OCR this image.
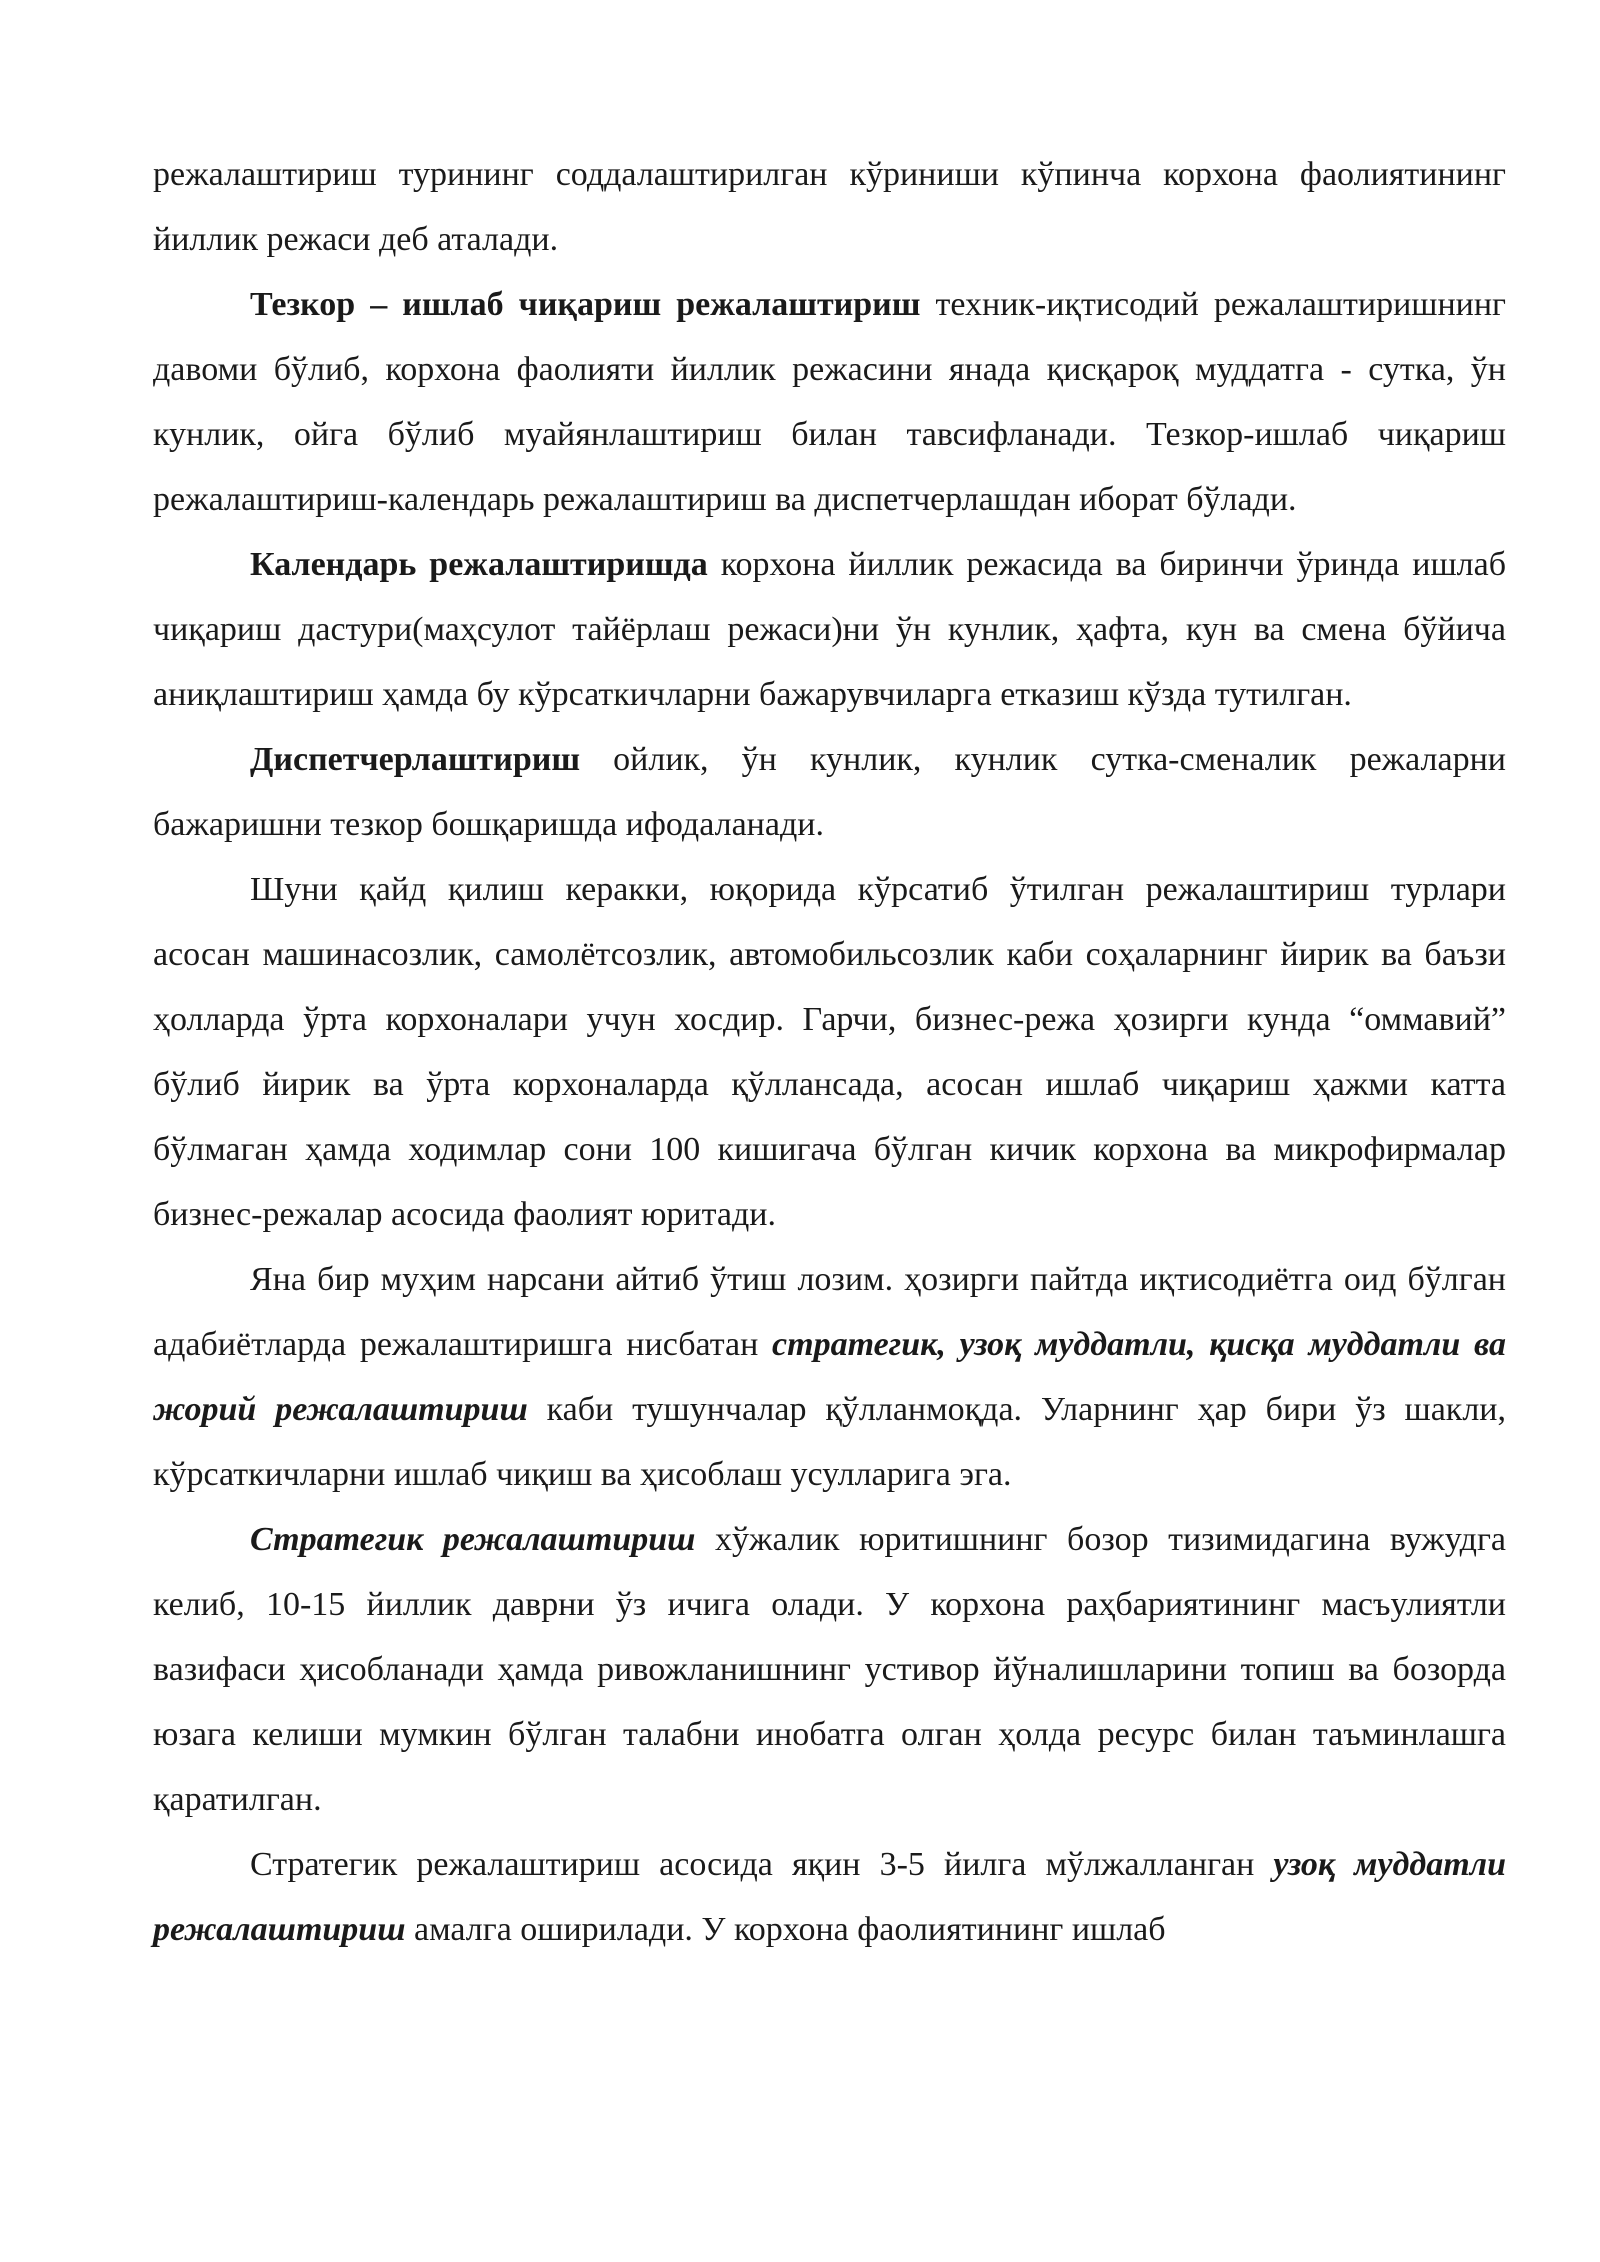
режалаштириш турининг соддалаштирилган кўриниши кўпинча корхона фаолиятининг йиллик режаси деб аталади.

Тезкор – ишлаб чиқариш режалаштириш техник-иқтисодий режалаштиришнинг давоми бўлиб, корхона фаолияти йиллик режасини янада қисқароқ муддатга - сутка, ўн кунлик, ойга бўлиб муайянлаштириш билан тавсифланади. Тезкор-ишлаб чиқариш режалаштириш-календарь режалаштириш ва диспетчерлашдан иборат бўлади.

Календарь режалаштиришда корхона йиллик режасида ва биринчи ўринда ишлаб чиқариш дастури(маҳсулот тайёрлаш режаси)ни ўн кунлик, ҳафта, кун ва смена бўйича аниқлаштириш ҳамда бу кўрсаткичларни бажарувчиларга етказиш кўзда тутилган.

Диспетчерлаштириш ойлик, ўн кунлик, кунлик сутка-сменалик режаларни бажаришни тезкор бошқаришда ифодаланади.

Шуни қайд қилиш керакки, юқорида кўрсатиб ўтилган режалаштириш турлари асосан машинасозлик, самолётсозлик, автомобильсозлик каби соҳаларнинг йирик ва баъзи ҳолларда ўрта корхоналари учун хосдир. Гарчи, бизнес-режа ҳозирги кунда “оммавий” бўлиб йирик ва ўрта корхоналарда қўллансада, асосан ишлаб чиқариш ҳажми катта бўлмаган ҳамда ходимлар сони 100 кишигача бўлган кичик корхона ва микрофирмалар бизнес-режалар асосида фаолият юритади.

Яна бир муҳим нарсани айтиб ўтиш лозим. ҳозирги пайтда иқтисодиётга оид бўлган адабиётларда режалаштиришга нисбатан стратегик, узоқ муддатли, қисқа муддатли ва жорий режалаштириш каби тушунчалар қўлланмоқда. Уларнинг ҳар бири ўз шакли, кўрсаткичларни ишлаб чиқиш ва ҳисоблаш усулларига эга.

Стратегик режалаштириш хўжалик юритишнинг бозор тизимидагина вужудга келиб, 10-15 йиллик даврни ўз ичига олади. У корхона раҳбариятининг масъулиятли вазифаси ҳисобланади ҳамда ривожланишнинг устивор йўналишларини топиш ва бозорда юзага келиши мумкин бўлган талабни инобатга олган ҳолда ресурс билан таъминлашга қаратилган.

Стратегик режалаштириш асосида яқин 3-5 йилга мўлжалланган узоқ муддатли режалаштириш амалга оширилади. У корхона фаолиятининг ишлаб
